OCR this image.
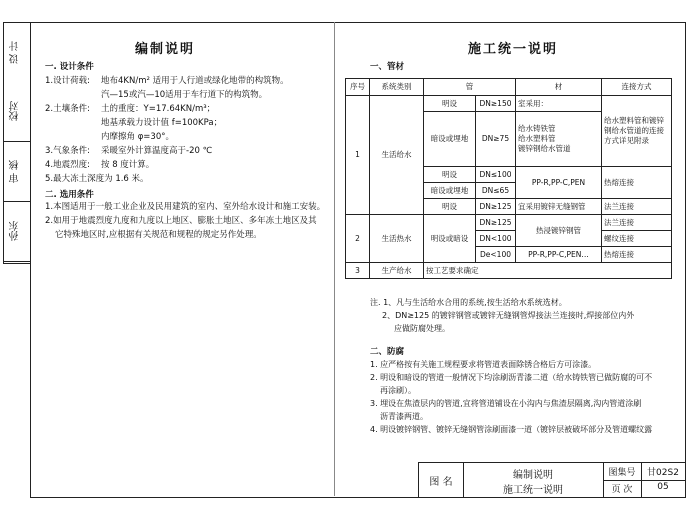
设 计
校对
审 核
孙东
编制说明
一. 设计条件
1.设计荷载: 地布4KN/m² 适用于人行道或绿化地带的构筑物。
汽—15或汽—10适用于车行道下的构筑物。
2.土壤条件: 土的重度：Y=17.64KN/m³；
地基承载力设计值 f=100KPa；
内摩擦角 φ=30°。
3.气象条件: 采暖室外计算温度高于-20 ℃
4.地震烈度: 按 8 度计算。
5.最大冻土深度为 1.6 米。
二. 选用条件
1.本图适用于一般工业企业及民用建筑的室内、室外给水设计和施工安装。
2.如用于地震烈度九度和九度以上地区、膨胀土地区、多年冻土地区及其
它特殊地区时,应根据有关规范和规程的规定另作处理。
施工统一说明
一、管材
序号	系统类别	管		材	连接方式
1	生活给水	明设	DN≥150	室采用：	给水塑料管和镀锌钢给水管道的连接方式详见附录
		暗设或埋地	DN≥75	给水铸铁管
给水塑料管
镀锌钢给水管道	
		明设	DN≤100	PP-R,PP-C,PEN	热熔连接
		暗设或埋地	DN≤65		
		明设	DN≥125	宜采用镀锌无缝钢管	法兰连接
2	生活热水	明设或暗设	DN≥125	热浸镀锌钢管	法兰连接
			DN<100		螺纹连接
			De<100	PP-R,PP-C,PEN…	热熔连接
3	生产给水	按工艺要求确定			
注. 1、凡与生活给水合用的系统,按生活给水系统选材。
2、DN≥125 的镀锌钢管或镀锌无缝钢管焊接法兰连接时,焊接部位内外
应做防腐处理。
二、防腐
1. 应严格按有关施工规程要求将管道表面除锈合格后方可涂漆。
2. 明设和暗设的管道一般情况下均涂刷沥青漆二道（给水铸铁管已做防腐的可不
再涂刷）。
3. 埋设在焦渣层内的管道,宜将管道铺设在小沟内与焦渣层隔离,沟内管道涂刷
沥青漆两道。
4. 明设镀锌钢管、镀锌无缝钢管涂刷面漆一道（镀锌层被破坏部分及管道螺纹露
图 名
编制说明
施工统一说明
图集号	甘02S2
页 次	05
